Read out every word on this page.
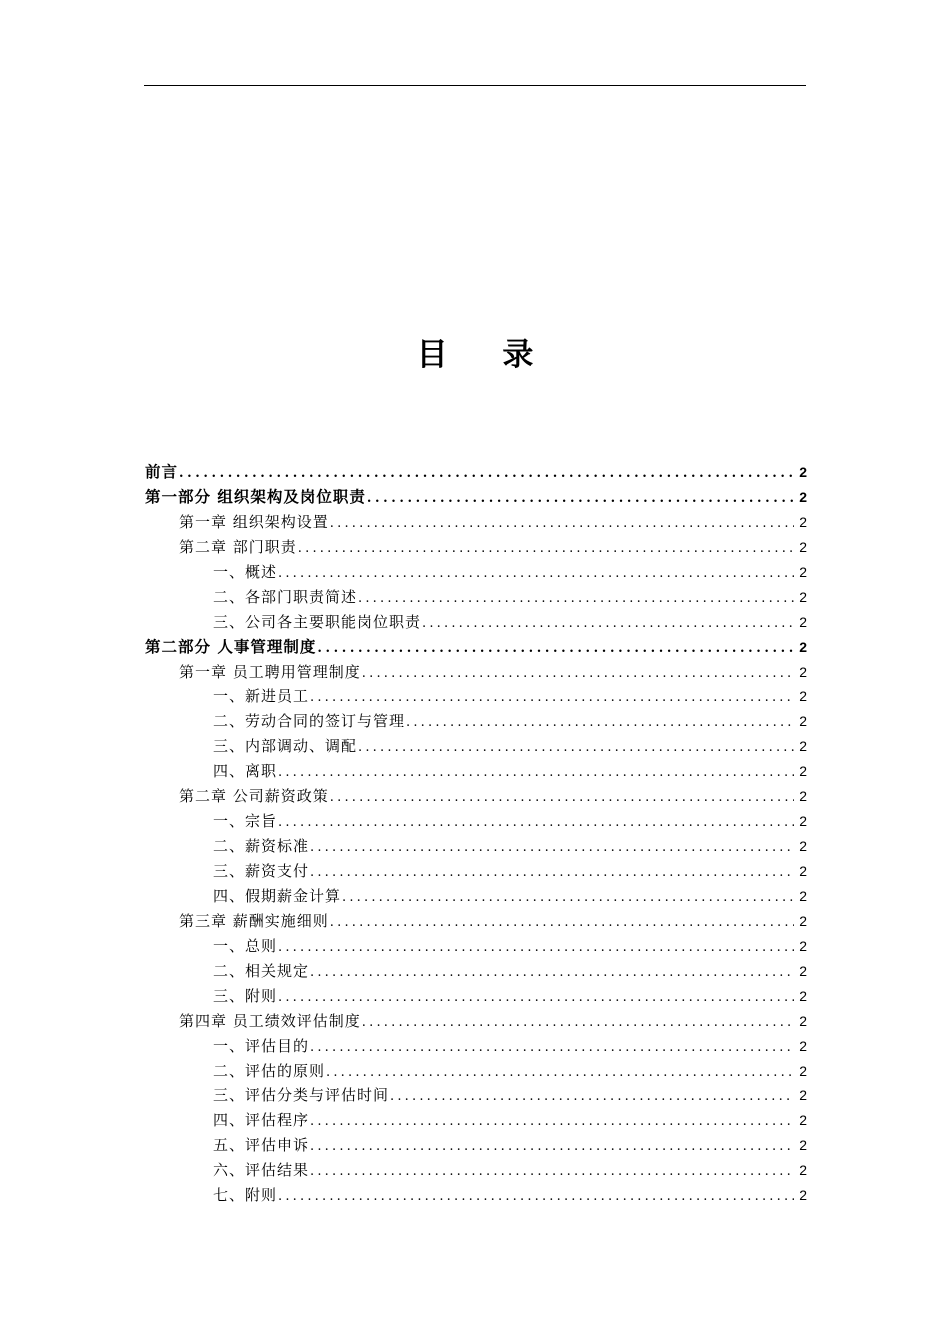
目 录
前言 .....	2
第一部分 组织架构及岗位职责 .....	2
第一章 组织架构设置 .....	2
第二章 部门职责 .....	2
一、概述 .....	2
二、各部门职责简述 .....	2
三、公司各主要职能岗位职责 .....	2
第二部分 人事管理制度 .....	2
第一章 员工聘用管理制度 .....	2
一、新进员工 .....	2
二、劳动合同的签订与管理 .....	2
三、内部调动、调配 .....	2
四、离职 .....	2
第二章 公司薪资政策 .....	2
一、宗旨 .....	2
二、薪资标准 .....	2
三、薪资支付 .....	2
四、假期薪金计算 .....	2
第三章 薪酬实施细则 .....	2
一、总则 .....	2
二、相关规定 .....	2
三、附则 .....	2
第四章 员工绩效评估制度 .....	2
一、评估目的 .....	2
二、评估的原则 .....	2
三、评估分类与评估时间 .....	2
四、评估程序 .....	2
五、评估申诉 .....	2
六、评估结果 .....	2
七、附则 .....	2
